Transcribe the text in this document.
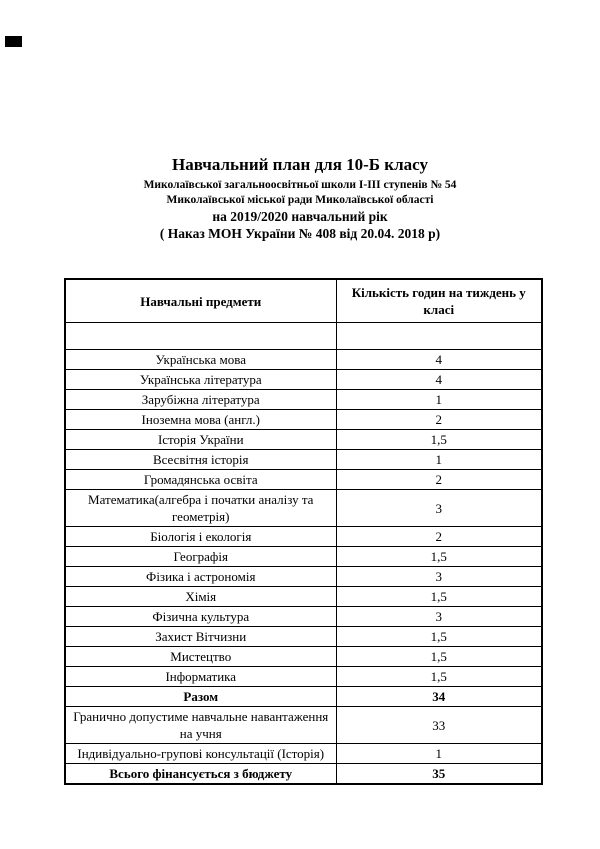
Навчальний план для 10-Б класу
Миколаївської загальноосвітньої школи І-ІІІ ступенів № 54
Миколаївської міської ради Миколаївської області
на 2019/2020 навчальний рік
( Наказ МОН України № 408 від 20.04. 2018 р)
Навчальні предмети	Кількість годин на тиждень у класі

Українська мова	4
Українська література	4
Зарубіжна література	1
Іноземна мова (англ.)	2
Історія України	1,5
Всесвітня історія	1
Громадянська освіта	2
Математика(алгебра і початки аналізу та геометрія)	3
Біологія і екологія	2
Географія	1,5
Фізика і астрономія	3
Хімія	1,5
Фізична культура	3
Захист Вітчизни	1,5
Мистецтво	1,5
Інформатика	1,5
Разом	34
Гранично допустиме навчальне навантаження на учня	33
Індивідуально-групові консультації (Історія)	1
Всього фінансується з бюджету	35
